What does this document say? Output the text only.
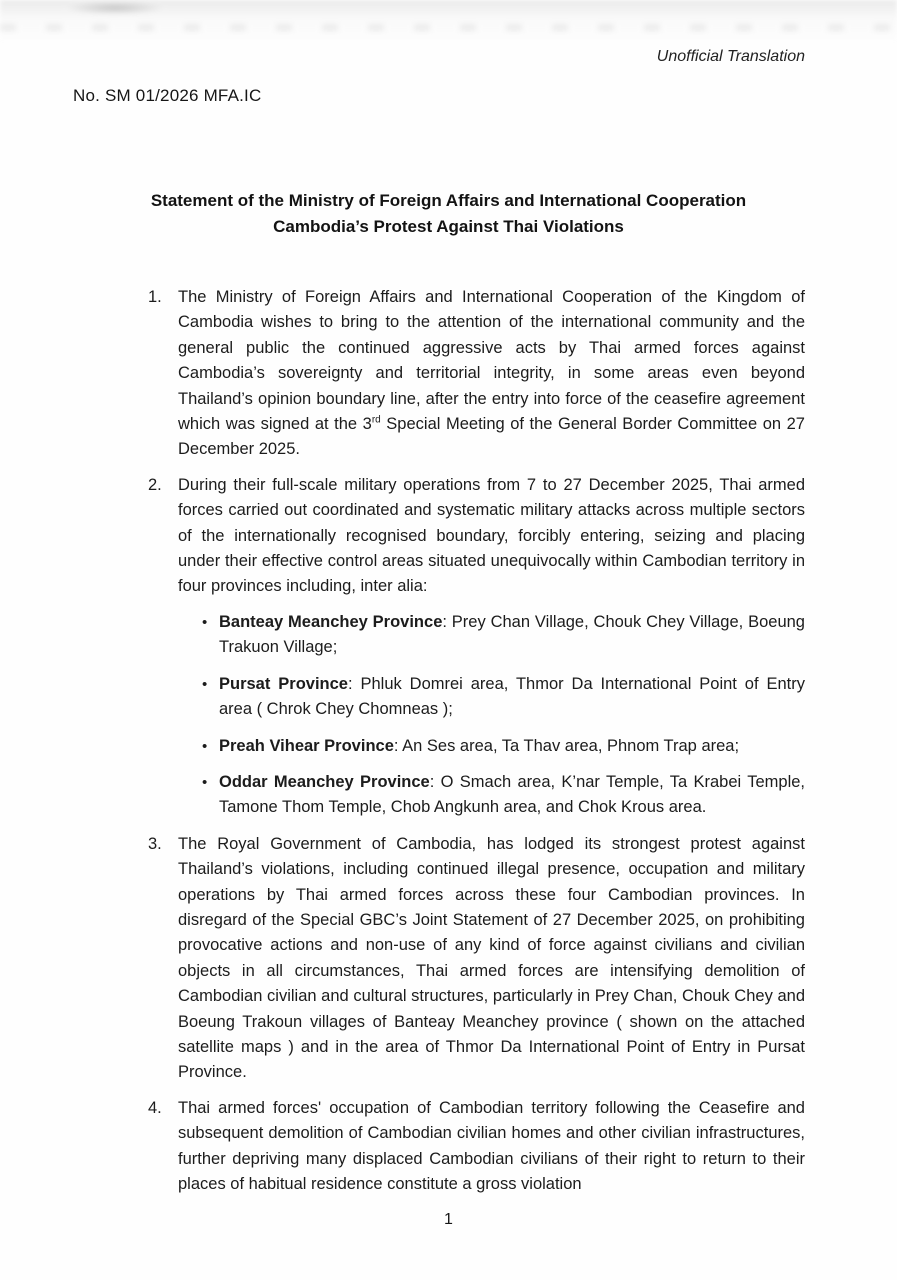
Unofficial Translation
No. SM 01/2026 MFA.IC
Statement of the Ministry of Foreign Affairs and International Cooperation
Cambodia’s Protest Against Thai Violations
1. The Ministry of Foreign Affairs and International Cooperation of the Kingdom of Cambodia wishes to bring to the attention of the international community and the general public the continued aggressive acts by Thai armed forces against Cambodia’s sovereignty and territorial integrity, in some areas even beyond Thailand’s opinion boundary line, after the entry into force of the ceasefire agreement which was signed at the 3rd Special Meeting of the General Border Committee on 27 December 2025.
2. During their full-scale military operations from 7 to 27 December 2025, Thai armed forces carried out coordinated and systematic military attacks across multiple sectors of the internationally recognised boundary, forcibly entering, seizing and placing under their effective control areas situated unequivocally within Cambodian territory in four provinces including, inter alia:
• Banteay Meanchey Province: Prey Chan Village, Chouk Chey Village, Boeung Trakuon Village;
• Pursat Province: Phluk Domrei area, Thmor Da International Point of Entry area ( Chrok Chey Chomneas );
• Preah Vihear Province: An Ses area, Ta Thav area, Phnom Trap area;
• Oddar Meanchey Province: O Smach area, K’nar Temple, Ta Krabei Temple, Tamone Thom Temple, Chob Angkunh area, and Chok Krous area.
3. The Royal Government of Cambodia, has lodged its strongest protest against Thailand’s violations, including continued illegal presence, occupation and military operations by Thai armed forces across these four Cambodian provinces. In disregard of the Special GBC’s Joint Statement of 27 December 2025, on prohibiting provocative actions and non-use of any kind of force against civilians and civilian objects in all circumstances, Thai armed forces are intensifying demolition of Cambodian civilian and cultural structures, particularly in Prey Chan, Chouk Chey and Boeung Trakoun villages of Banteay Meanchey province ( shown on the attached satellite maps ) and in the area of Thmor Da International Point of Entry in Pursat Province.
4. Thai armed forces' occupation of Cambodian territory following the Ceasefire and subsequent demolition of Cambodian civilian homes and other civilian infrastructures, further depriving many displaced Cambodian civilians of their right to return to their places of habitual residence constitute a gross violation
1
